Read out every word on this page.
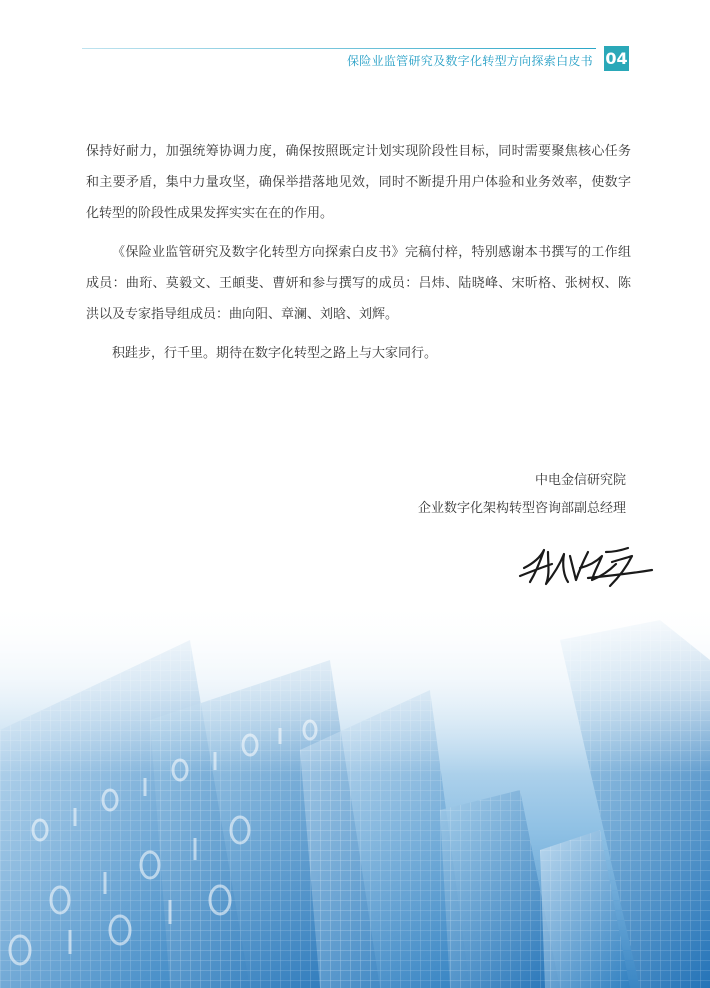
保险业监管研究及数字化转型方向探索白皮书 04

保持好耐力，加强统筹协调力度，确保按照既定计划实现阶段性目标，同时需要聚焦核心任务和主要矛盾，集中力量攻坚，确保举措落地见效，同时不断提升用户体验和业务效率，使数字化转型的阶段性成果发挥实实在在的作用。

《保险业监管研究及数字化转型方向探索白皮书》完稿付梓，特别感谢本书撰写的工作组成员：曲珩、莫毅文、王頔斐、曹妍和参与撰写的成员：吕炜、陆晓峰、宋昕格、张树权、陈洪以及专家指导组成员：曲向阳、章澜、刘晗、刘辉。

积跬步，行千里。期待在数字化转型之路上与大家同行。

中电金信研究院
企业数字化架构转型咨询部副总经理
